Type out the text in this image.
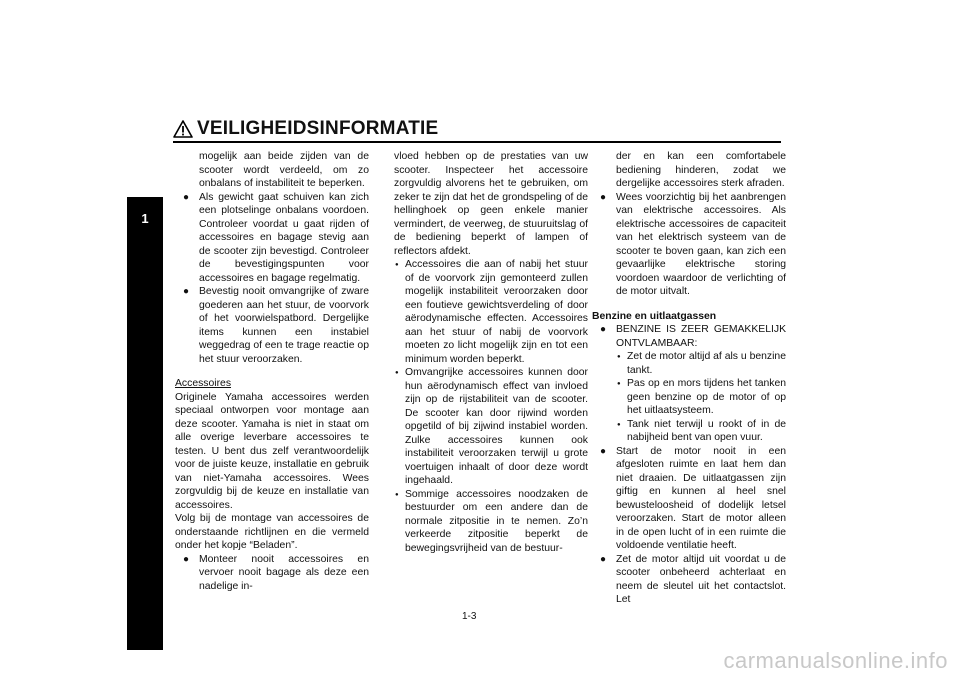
VEILIGHEIDSINFORMATIE
1

mogelijk aan beide zijden van de scooter wordt verdeeld, om zo onbalans of instabiliteit te beperken.

● Als gewicht gaat schuiven kan zich een plotselinge onbalans voordoen. Controleer voordat u gaat rijden of accessoires en bagage stevig aan de scooter zijn bevestigd. Controleer de bevestigingspunten voor accessoires en bagage regelmatig.
● Bevestig nooit omvangrijke of zware goederen aan het stuur, de voorvork of het voorwielspatbord. Dergelijke items kunnen een instabiel weggedrag of een te trage reactie op het stuur veroorzaken.

Accessoires

Originele Yamaha accessoires werden speciaal ontworpen voor montage aan deze scooter. Yamaha is niet in staat om alle overige leverbare accessoires te testen. U bent dus zelf verantwoordelijk voor de juiste keuze, installatie en gebruik van niet-Yamaha accessoires. Wees zorgvuldig bij de keuze en installatie van accessoires.

Volg bij de montage van accessoires de onderstaande richtlijnen en die vermeld onder het kopje “Beladen”.

● Monteer nooit accessoires en vervoer nooit bagage als deze een nadelige in-

vloed hebben op de prestaties van uw scooter. Inspecteer het accessoire zorgvuldig alvorens het te gebruiken, om zeker te zijn dat het de grondspeling of de hellinghoek op geen enkele manier vermindert, de veerweg, de stuuruitslag of de bediening beperkt of lampen of reflectors afdekt.

● Accessoires die aan of nabij het stuur of de voorvork zijn gemonteerd zullen mogelijk instabiliteit veroorzaken door een foutieve gewichtsverdeling of door aërodynamische effecten. Accessoires aan het stuur of nabij de voorvork moeten zo licht mogelijk zijn en tot een minimum worden beperkt.
● Omvangrijke accessoires kunnen door hun aërodynamisch effect van invloed zijn op de rijstabiliteit van de scooter. De scooter kan door rijwind worden opgetild of bij zijwind instabiel worden. Zulke accessoires kunnen ook instabiliteit veroorzaken terwijl u grote voertuigen inhaalt of door deze wordt ingehaald.
● Sommige accessoires noodzaken de bestuurder om een andere dan de normale zitpositie in te nemen. Zo’n verkeerde zitpositie beperkt de bewegingsvrijheid van de bestuur-

der en kan een comfortabele bediening hinderen, zodat we dergelijke accessoires sterk afraden.

● Wees voorzichtig bij het aanbrengen van elektrische accessoires. Als elektrische accessoires de capaciteit van het elektrisch systeem van de scooter te boven gaan, kan zich een gevaarlijke elektrische storing voordoen waardoor de verlichting of de motor uitvalt.

Benzine en uitlaatgassen

● BENZINE IS ZEER GEMAKKELIJK ONTVLAMBAAR:
● Zet de motor altijd af als u benzine tankt.
● Pas op en mors tijdens het tanken geen benzine op de motor of op het uitlaatsysteem.
● Tank niet terwijl u rookt of in de nabijheid bent van open vuur.
● Start de motor nooit in een afgesloten ruimte en laat hem dan niet draaien. De uitlaatgassen zijn giftig en kunnen al heel snel bewusteloosheid of dodelijk letsel veroorzaken. Start de motor alleen in de open lucht of in een ruimte die voldoende ventilatie heeft.
● Zet de motor altijd uit voordat u de scooter onbeheerd achterlaat en neem de sleutel uit het contactslot. Let
1-3
carmanualsonline.info
